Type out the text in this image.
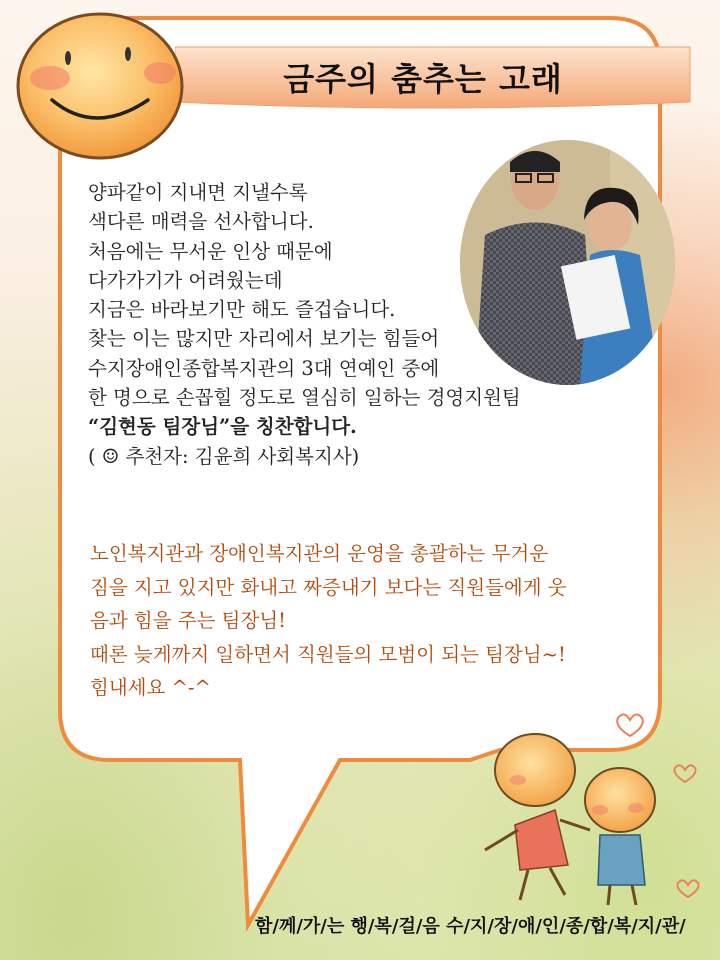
금주의 춤추는 고래
양파같이 지내면 지낼수록
색다른 매력을 선사합니다.
처음에는 무서운 인상 때문에
다가가기가 어려웠는데
지금은 바라보기만 해도 즐겁습니다.
찾는 이는 많지만 자리에서 보기는 힘들어
수지장애인종합복지관의 3대 연예인 중에
한 명으로 손꼽힐 정도로 열심히 일하는 경영지원팀
“김현동 팀장님”을 칭찬합니다.
( ☺ 추천자: 김윤희 사회복지사)
노인복지관과 장애인복지관의 운영을 총괄하는 무거운
짐을 지고 있지만 화내고 짜증내기 보다는 직원들에게 웃
음과 힘을 주는 팀장님!
때론 늦게까지 일하면서 직원들의 모범이 되는 팀장님~!
힘내세요 ^-^
함/께/가/는 행/복/걸/음 수/지/장/애/인/종/합/복/지/관/
